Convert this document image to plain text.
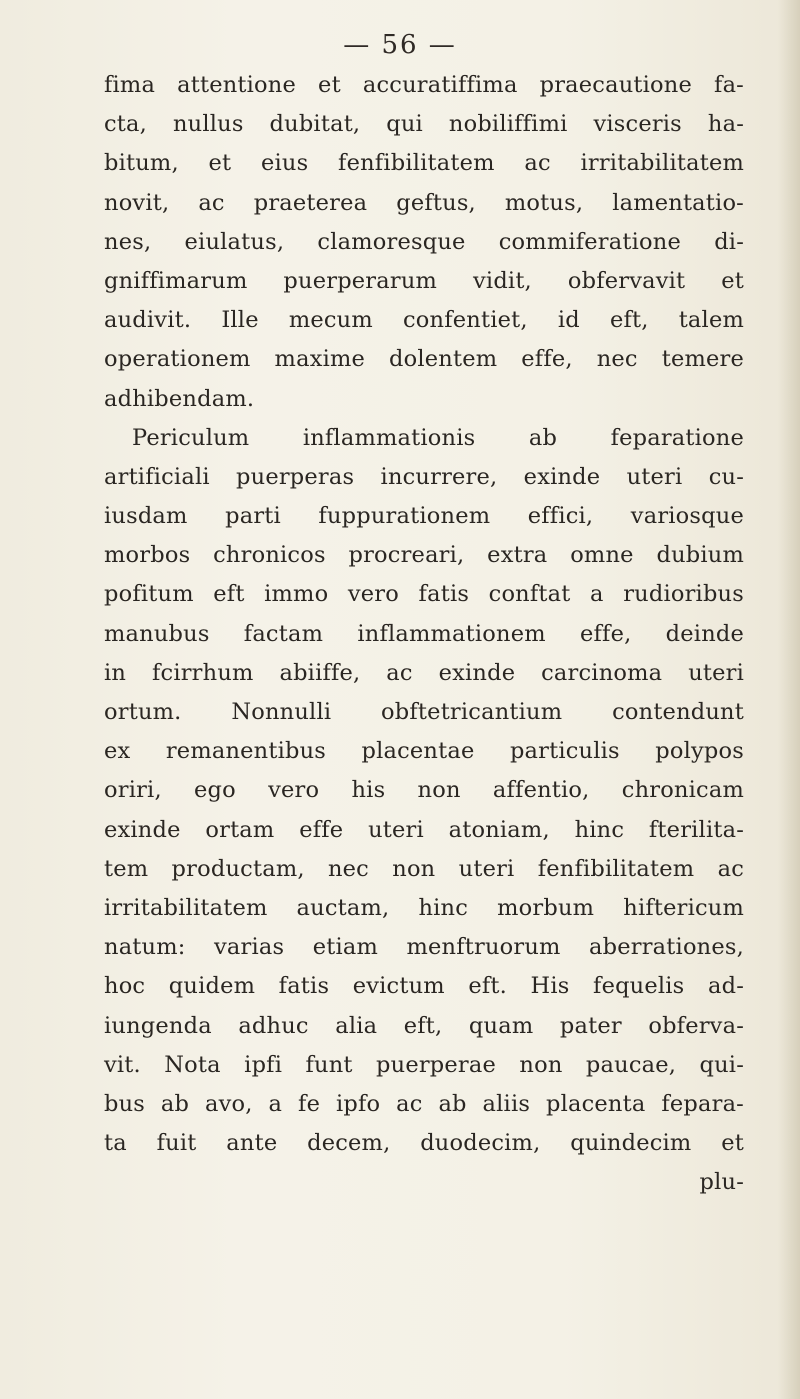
— 56 —
fima attentione et accuratiffima praecautione fa-
cta, nullus dubitat, qui nobiliffimi visceris ha-
bitum, et eius fenfibilitatem ac irritabilitatem
novit, ac praeterea geftus, motus, lamentatio-
nes, eiulatus, clamoresque commiferatione di-
gniffimarum puerperarum vidit, obfervavit et
audivit. Ille mecum confentiet, id eft, talem
operationem maxime dolentem effe, nec temere
adhibendam.
Periculum inflammationis ab feparatione
artificiali puerperas incurrere, exinde uteri cu-
iusdam parti fuppurationem effici, variosque
morbos chronicos procreari, extra omne dubium
pofitum eft immo vero fatis conftat a rudioribus
manubus factam inflammationem effe, deinde
in fcirrhum abiiffe, ac exinde carcinoma uteri
ortum. Nonnulli obftetricantium contendunt
ex remanentibus placentae particulis polypos
oriri, ego vero his non affentio, chronicam
exinde ortam effe uteri atoniam, hinc fterilita-
tem productam, nec non uteri fenfibilitatem ac
irritabilitatem auctam, hinc morbum hiftericum
natum: varias etiam menftruorum aberrationes,
hoc quidem fatis evictum eft. His fequelis ad-
iungenda adhuc alia eft, quam pater obferva-
vit. Nota ipfi funt puerperae non paucae, qui-
bus ab avo, a fe ipfo ac ab aliis placenta fepara-
ta fuit ante decem, duodecim, quindecim et
plu-
